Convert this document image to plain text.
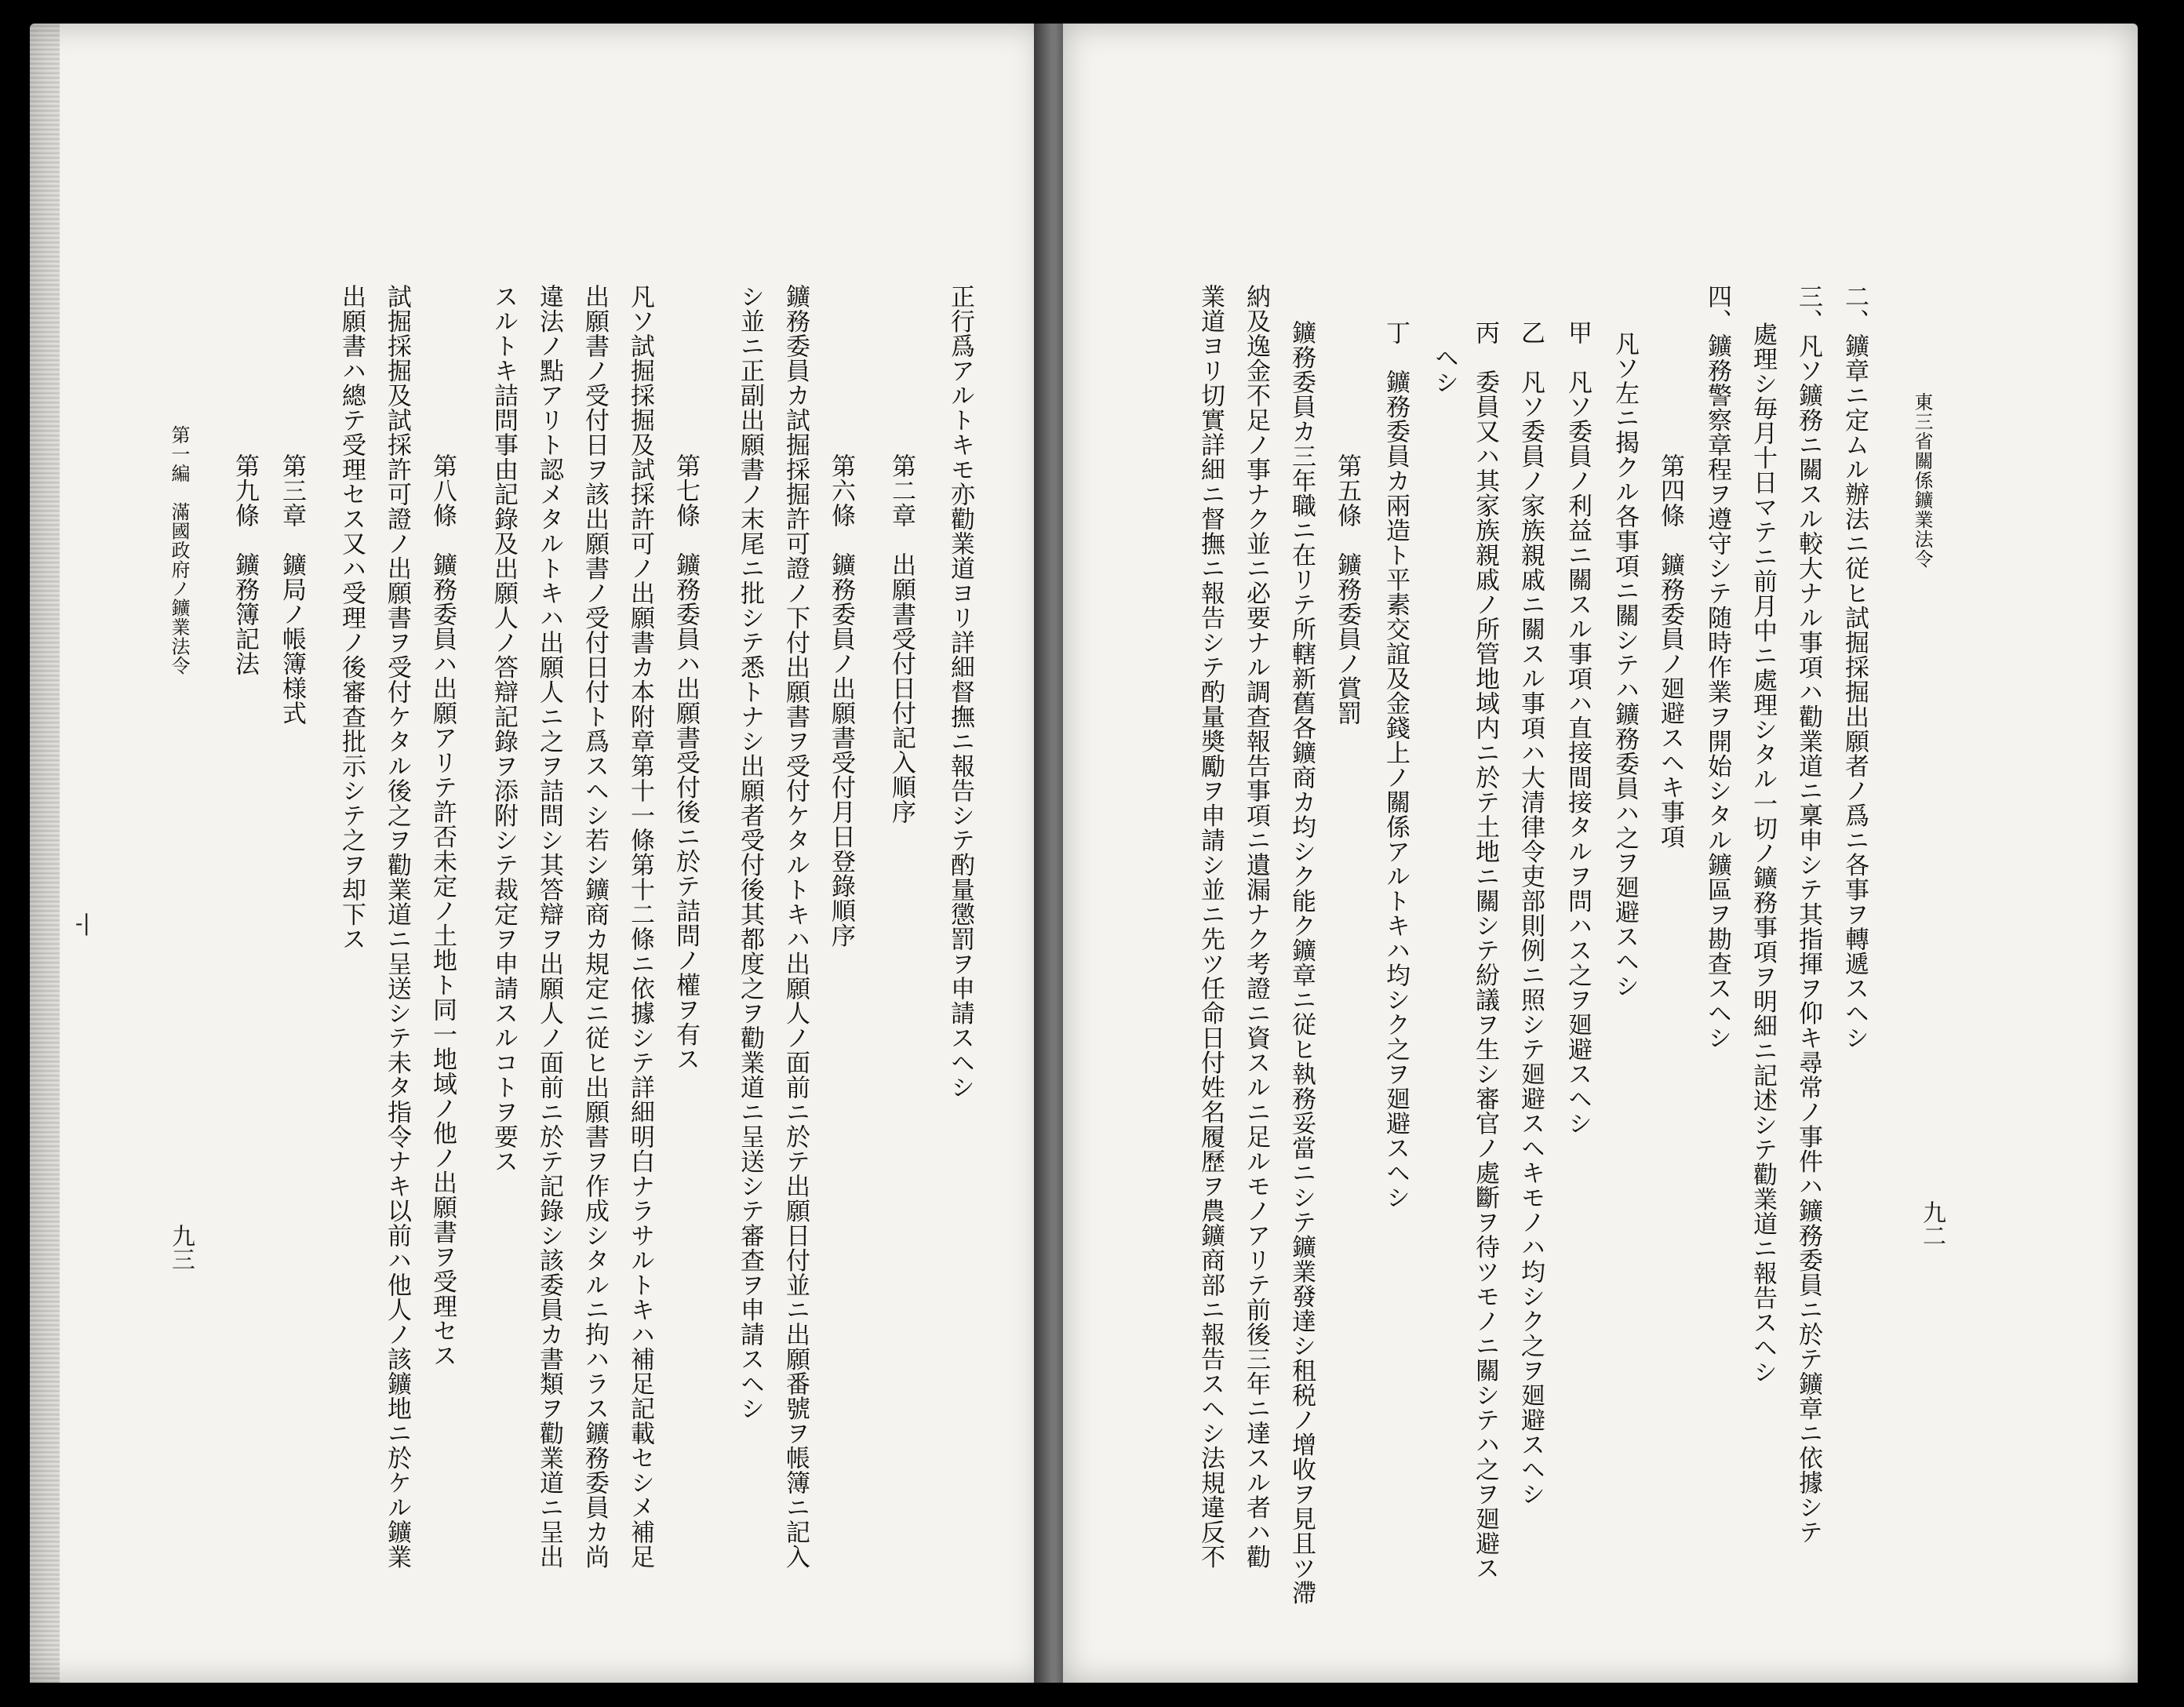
正行爲アルトキモ亦勸業道ヨリ詳細督撫ニ報告シテ酌量懲罰ヲ申請スヘシ

第二章　出願書受付日付記入順序

第六條　鑛務委員ノ出願書受付月日登錄順序

鑛務委員カ試掘採掘許可證ノ下付出願書ヲ受付ケタルトキハ出願人ノ面前ニ於テ出願日付並ニ出願番號ヲ帳簿ニ記入

シ並ニ正副出願書ノ末尾ニ批シテ悉トナシ出願者受付後其都度之ヲ勸業道ニ呈送シテ審查ヲ申請スヘシ

第七條　鑛務委員ハ出願書受付後ニ於テ詰問ノ權ヲ有ス

凡ソ試掘採掘及試採許可ノ出願書カ本附章第十一條第十二條ニ依據シテ詳細明白ナラサルトキハ補足記載セシメ補足

出願書ノ受付日ヲ該出願書ノ受付日付ト爲スヘシ若シ鑛商カ規定ニ従ヒ出願書ヲ作成シタルニ拘ハラス鑛務委員カ尚

違法ノ點アリト認メタルトキハ出願人ニ之ヲ詰問シ其答辯ヲ出願人ノ面前ニ於テ記錄シ該委員カ書類ヲ勸業道ニ呈出

スルトキ詰問事由記錄及出願人ノ答辯記錄ヲ添附シテ裁定ヲ申請スルコトヲ要ス

第八條　鑛務委員ハ出願アリテ許否未定ノ土地ト同一地域ノ他ノ出願書ヲ受理セス

試掘採掘及試採許可證ノ出願書ヲ受付ケタル後之ヲ勸業道ニ呈送シテ未タ指令ナキ以前ハ他人ノ該鑛地ニ於ケル鑛業

出願書ハ總テ受理セス又ハ受理ノ後審查批示シテ之ヲ却下ス

第三章　鑛局ノ帳簿様式

第九條　鑛務簿記法

第一編　滿國政府ノ鑛業法令

九三
-|

東三省關係鑛業法令

九二

二、鑛章ニ定ムル辦法ニ従ヒ試掘採掘出願者ノ爲ニ各事ヲ轉遞スヘシ

三、凡ソ鑛務ニ關スル較大ナル事項ハ勸業道ニ稟申シテ其指揮ヲ仰キ尋常ノ事件ハ鑛務委員ニ於テ鑛章ニ依據シテ

處理シ毎月十日マテニ前月中ニ處理シタル一切ノ鑛務事項ヲ明細ニ記述シテ勸業道ニ報告スヘシ

四、鑛務警察章程ヲ遵守シテ随時作業ヲ開始シタル鑛區ヲ勘查スヘシ

第四條　鑛務委員ノ廻避スヘキ事項

凡ソ左ニ揭クル各事項ニ關シテハ鑛務委員ハ之ヲ廻避スヘシ

甲　凡ソ委員ノ利益ニ關スル事項ハ直接間接タルヲ問ハス之ヲ廻避スヘシ

乙　凡ソ委員ノ家族親戚ニ關スル事項ハ大清律令吏部則例ニ照シテ廻避スヘキモノハ均シク之ヲ廻避スヘシ

丙　委員又ハ其家族親戚ノ所管地域内ニ於テ土地ニ關シテ紛議ヲ生シ審官ノ處斷ヲ待ツモノニ關シテハ之ヲ廻避ス

ヘシ

丁　鑛務委員カ兩造ト平素交誼及金錢上ノ關係アルトキハ均シク之ヲ廻避スヘシ

第五條　鑛務委員ノ賞罰

鑛務委員カ三年職ニ在リテ所轄新舊各鑛商カ均シク能ク鑛章ニ従ヒ執務妥當ニシテ鑛業發達シ租税ノ增收ヲ見且ツ滯

納及逸金不足ノ事ナク並ニ必要ナル調查報告事項ニ遺漏ナク考證ニ資スルニ足ルモノアリテ前後三年ニ達スル者ハ勸

業道ヨリ切實詳細ニ督撫ニ報告シテ酌量奬勵ヲ申請シ並ニ先ツ任命日付姓名履歷ヲ農鑛商部ニ報告スヘシ法規違反不
